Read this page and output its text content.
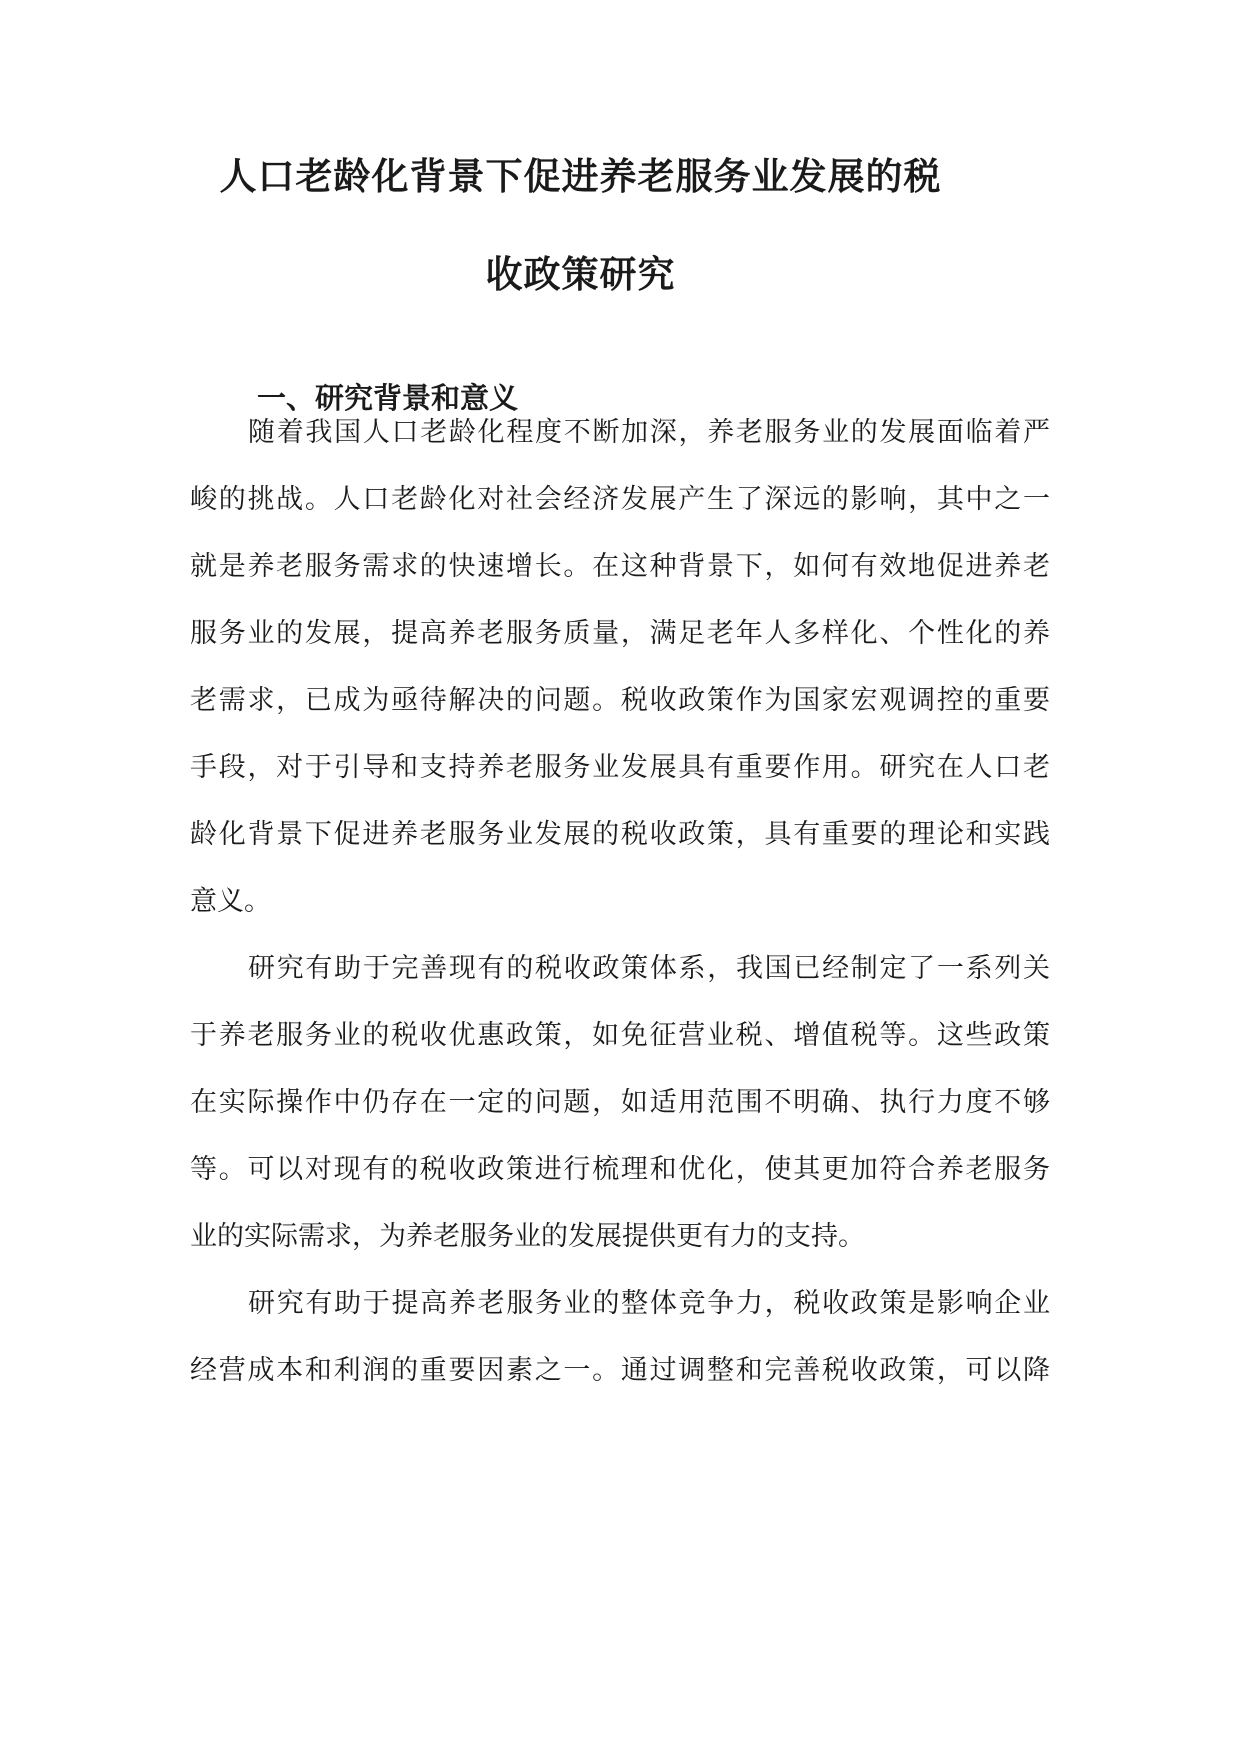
人口老龄化背景下促进养老服务业发展的税
收政策研究
一、研究背景和意义
随着我国人口老龄化程度不断加深，养老服务业的发展面临着严
峻的挑战。人口老龄化对社会经济发展产生了深远的影响，其中之一
就是养老服务需求的快速增长。在这种背景下，如何有效地促进养老
服务业的发展，提高养老服务质量，满足老年人多样化、个性化的养
老需求，已成为亟待解决的问题。税收政策作为国家宏观调控的重要
手段，对于引导和支持养老服务业发展具有重要作用。研究在人口老
龄化背景下促进养老服务业发展的税收政策，具有重要的理论和实践
意义。
研究有助于完善现有的税收政策体系，我国已经制定了一系列关
于养老服务业的税收优惠政策，如免征营业税、增值税等。这些政策
在实际操作中仍存在一定的问题，如适用范围不明确、执行力度不够
等。可以对现有的税收政策进行梳理和优化，使其更加符合养老服务
业的实际需求，为养老服务业的发展提供更有力的支持。
研究有助于提高养老服务业的整体竞争力，税收政策是影响企业
经营成本和利润的重要因素之一。通过调整和完善税收政策，可以降
